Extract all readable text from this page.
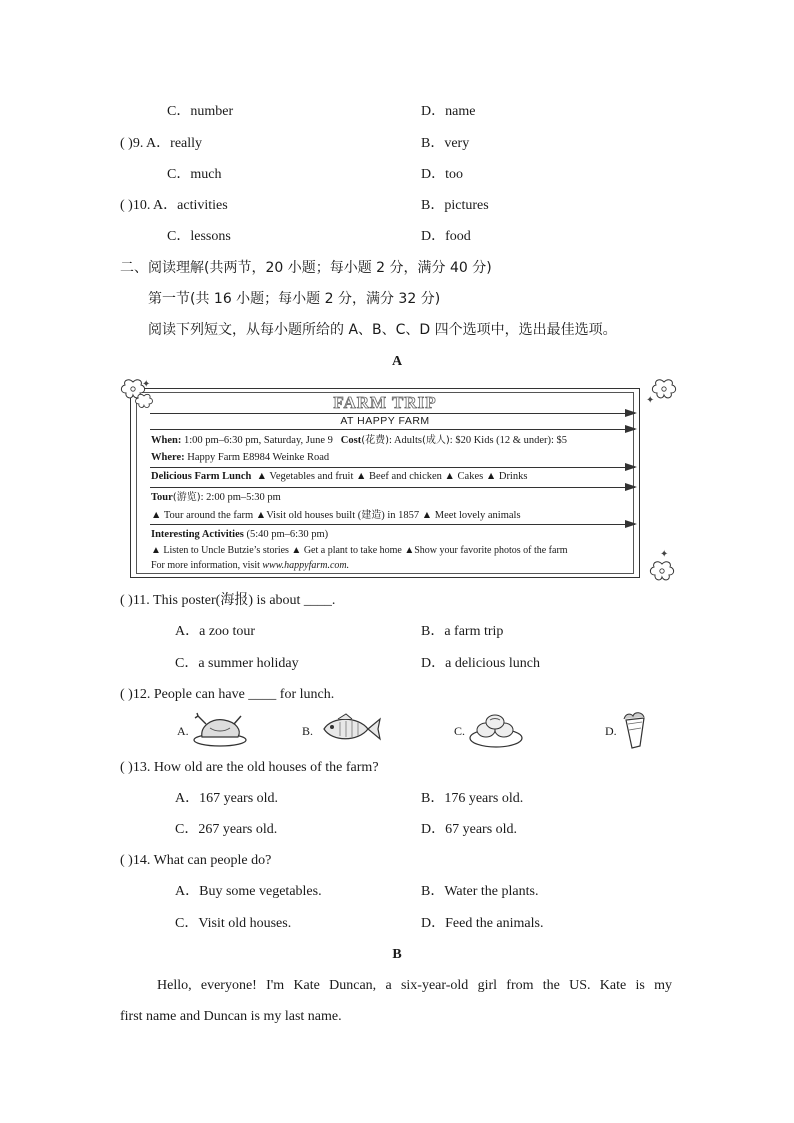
C．number	D．name
( )9. A．really	B．very
C．much	D．too
( )10. A．activities	B．pictures
C．lessons	D．food
二、阅读理解(共两节，20 小题；每小题 2 分，满分 40 分)
第一节(共 16 小题；每小题 2 分，满分 32 分)
阅读下列短文，从每小题所给的 A、B、C、D 四个选项中，选出最佳选项。
A
✦
✦
✦
FARM TRIP
AT HAPPY FARM
When: 1:00 pm–6:30 pm, Saturday, June 9 Cost(花费): Adults(成人): $20 Kids (12 & under): $5
Where: Happy Farm E8984 Weinke Road
Delicious Farm Lunch ▲ Vegetables and fruit ▲ Beef and chicken ▲ Cakes ▲ Drinks
Tour(游览): 2:00 pm–5:30 pm
▲ Tour around the farm ▲Visit old houses built (建造) in 1857 ▲ Meet lovely animals
Interesting Activities (5:40 pm–6:30 pm)
▲ Listen to Uncle Butzie’s stories ▲ Get a plant to take home ▲Show your favorite photos of the farm
For more information, visit www.happyfarm.com.
( )11. This poster(海报) is about ____.
A．a zoo tour	B．a farm trip
C．a summer holiday	D．a delicious lunch
( )12. People can have ____ for lunch.
A.	B.	C.	D.
( )13. How old are the old houses of the farm?
A．167 years old.	B．176 years old.
C．267 years old.	D．67 years old.
( )14. What can people do?
A．Buy some vegetables.	B．Water the plants.
C．Visit old houses.	D．Feed the animals.
B
Hello, everyone! I'm Kate Duncan, a six-year-old girl from the US. Kate is my
first name and Duncan is my last name.
